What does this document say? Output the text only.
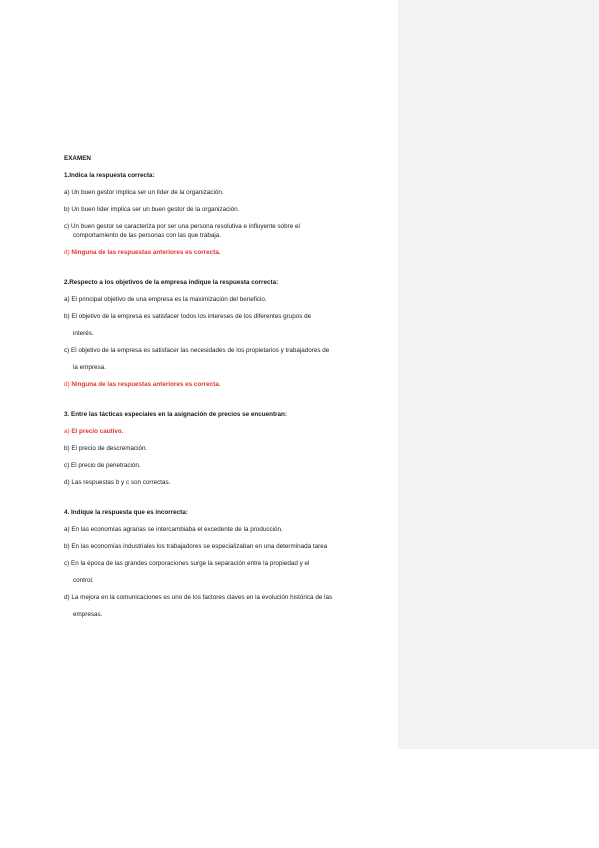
EXAMEN

1.Indica la respuesta correcta:

a) Un buen gestor implica ser un líder de la organización.

b) Un buen líder implica ser un buen gestor de la organización.

c) Un buen gestor se caracteriza por ser una persona resolutiva e influyente sobre el

comportamiento de las personas con las que trabaja.

d) Ninguna de las respuestas anteriores es correcta.

2.Respecto a los objetivos de la empresa indique la respuesta correcta:

a) El principal objetivo de una empresa es la maximización del beneficio.

b) El objetivo de la empresa es satisfacer todos los intereses de los diferentes grupos de

interés.

c) El objetivo de la empresa es satisfacer las necesidades de los propietarios y trabajadores de

la empresa.

d) Ninguna de las respuestas anteriores es correcta.

3. Entre las tácticas especiales en la asignación de precios se encuentran:

a) El precio cautivo.

b) El precio de descremación.

c) El precio de penetración.

d) Las respuestas b y c son correctas.

4. Indique la respuesta que es incorrecta:

a) En las economías agrarias se intercambiaba el excedente de la producción.

b) En las economías industriales los trabajadores se especializaban en una determinada tarea

c) En la época de las grandes corporaciones surge la separación entre la propiedad y el

control.

d) La mejora en la comunicaciones es uno de los factores claves en la evolución histórica de las

empresas.
